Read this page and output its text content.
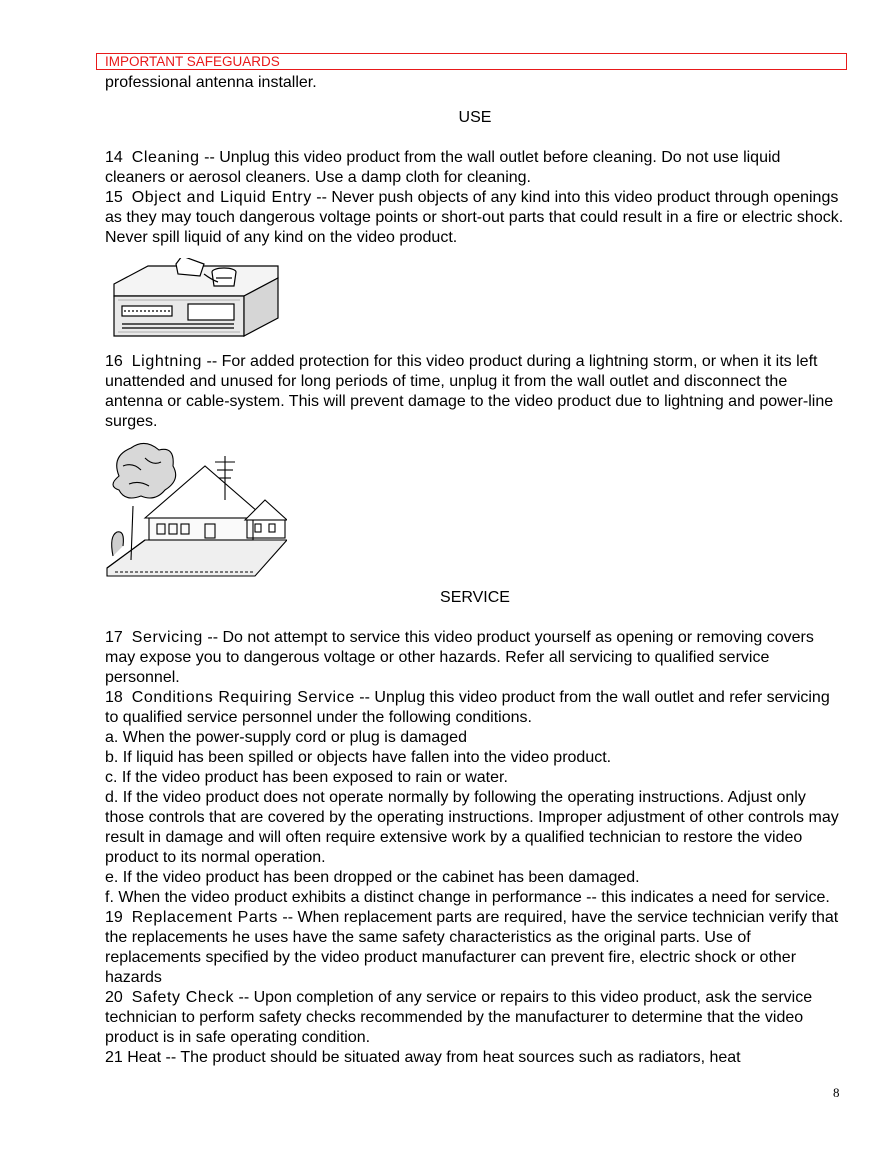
IMPORTANT SAFEGUARDS

professional antenna installer.

USE

14 Cleaning -- Unplug this video product from the wall outlet before cleaning. Do not use liquid cleaners or aerosol cleaners. Use a damp cloth for cleaning.

15 Object and Liquid Entry -- Never push objects of any kind into this video product through openings as they may touch dangerous voltage points or short-out parts that could result in a fire or electric shock. Never spill liquid of any kind on the video product.

16 Lightning -- For added protection for this video product during a lightning storm, or when it its left unattended and unused for long periods of time, unplug it from the wall outlet and disconnect the antenna or cable-system. This will prevent damage to the video product due to lightning and power-line surges.

SERVICE

17 Servicing -- Do not attempt to service this video product yourself as opening or removing covers may expose you to dangerous voltage or other hazards. Refer all servicing to qualified service personnel.

18 Conditions Requiring Service -- Unplug this video product from the wall outlet and refer servicing to qualified service personnel under the following conditions.

a. When the power-supply cord or plug is damaged

b. If liquid has been spilled or objects have fallen into the video product.

c. If the video product has been exposed to rain or water.

d. If the video product does not operate normally by following the operating instructions. Adjust only those controls that are covered by the operating instructions. Improper adjustment of other controls may result in damage and will often require extensive work by a qualified technician to restore the video product to its normal operation.

e. If the video product has been dropped or the cabinet has been damaged.

f. When the video product exhibits a distinct change in performance -- this indicates a need for service.

19 Replacement Parts -- When replacement parts are required, have the service technician verify that the replacements he uses have the same safety characteristics as the original parts. Use of replacements specified by the video product manufacturer can prevent fire, electric shock or other hazards

20 Safety Check -- Upon completion of any service or repairs to this video product, ask the service technician to perform safety checks recommended by the manufacturer to determine that the video product is in safe operating condition.

21 Heat -- The product should be situated away from heat sources such as radiators, heat

8
